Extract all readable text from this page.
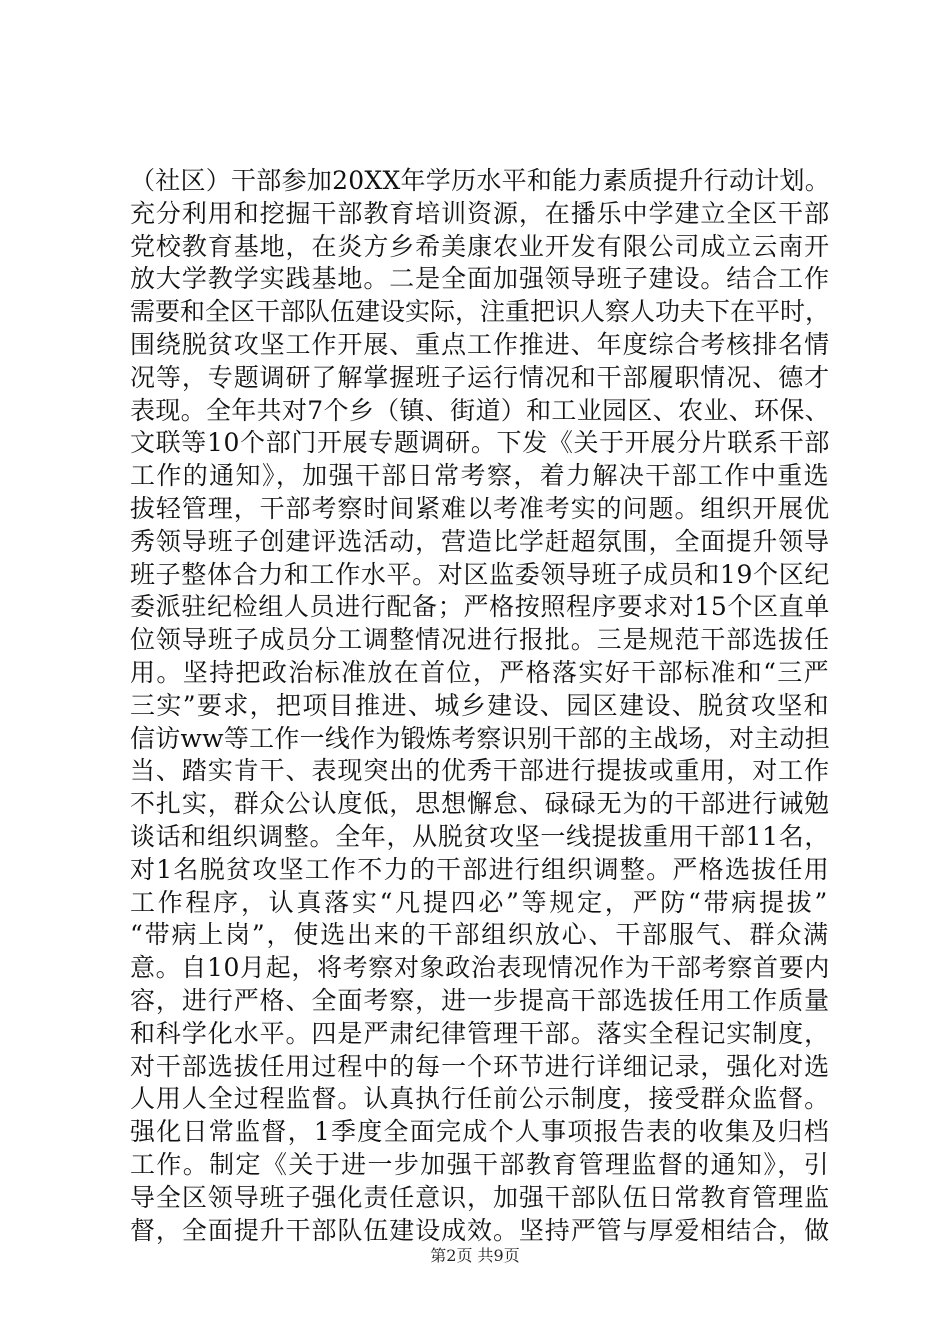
（社区）干部参加20XX年学历水平和能力素质提升行动计划。
充分利用和挖掘干部教育培训资源，在播乐中学建立全区干部
党校教育基地，在炎方乡希美康农业开发有限公司成立云南开
放大学教学实践基地。二是全面加强领导班子建设。结合工作
需要和全区干部队伍建设实际，注重把识人察人功夫下在平时，
围绕脱贫攻坚工作开展、重点工作推进、年度综合考核排名情
况等，专题调研了解掌握班子运行情况和干部履职情况、德才
表现。全年共对7个乡（镇、街道）和工业园区、农业、环保、
文联等10个部门开展专题调研。下发《关于开展分片联系干部
工作的通知》，加强干部日常考察，着力解决干部工作中重选
拔轻管理，干部考察时间紧难以考准考实的问题。组织开展优
秀领导班子创建评选活动，营造比学赶超氛围，全面提升领导
班子整体合力和工作水平。对区监委领导班子成员和19个区纪
委派驻纪检组人员进行配备；严格按照程序要求对15个区直单
位领导班子成员分工调整情况进行报批。三是规范干部选拔任
用。坚持把政治标准放在首位，严格落实好干部标准和“三严
三实”要求，把项目推进、城乡建设、园区建设、脱贫攻坚和
信访ww等工作一线作为锻炼考察识别干部的主战场，对主动担
当、踏实肯干、表现突出的优秀干部进行提拔或重用，对工作
不扎实，群众公认度低，思想懈怠、碌碌无为的干部进行诫勉
谈话和组织调整。全年，从脱贫攻坚一线提拔重用干部11名，
对1名脱贫攻坚工作不力的干部进行组织调整。严格选拔任用
工作程序，认真落实“凡提四必”等规定，严防“带病提拔”
“带病上岗”，使选出来的干部组织放心、干部服气、群众满
意。自10月起，将考察对象政治表现情况作为干部考察首要内
容，进行严格、全面考察，进一步提高干部选拔任用工作质量
和科学化水平。四是严肃纪律管理干部。落实全程记实制度，
对干部选拔任用过程中的每一个环节进行详细记录，强化对选
人用人全过程监督。认真执行任前公示制度，接受群众监督。
强化日常监督，1季度全面完成个人事项报告表的收集及归档
工作。制定《关于进一步加强干部教育管理监督的通知》，引
导全区领导班子强化责任意识，加强干部队伍日常教育管理监
督，全面提升干部队伍建设成效。坚持严管与厚爱相结合，做
第2页 共9页
